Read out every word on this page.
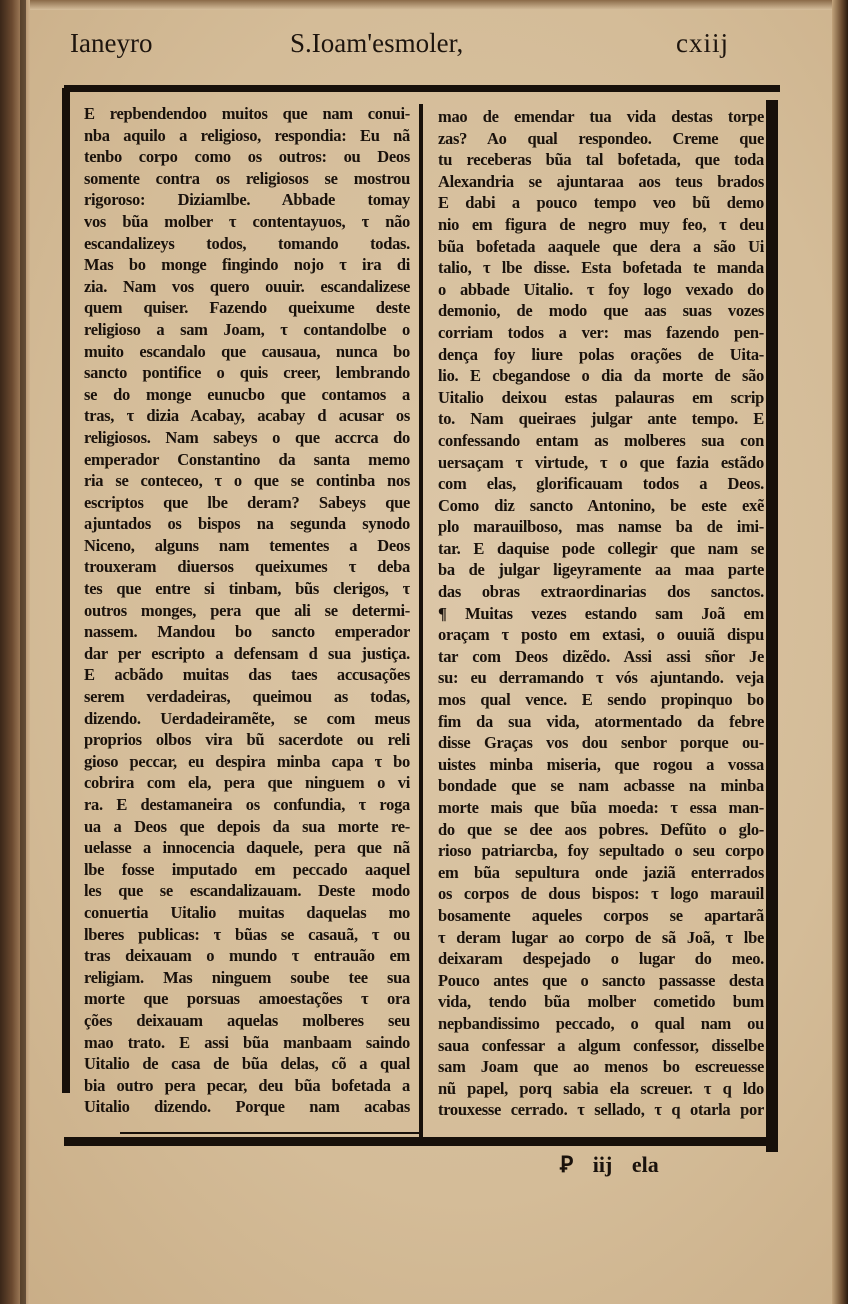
Ianeyro	S.Ioam'esmoler,	cxiij
E repbendendoo muitos que nam conui-
nba aquilo a religioso, respondia: Eu nã
tenbo corpo como os outros: ou Deos
somente contra os religiosos se mostrou
rigoroso: Diziamlbe. Abbade tomay
vos bũa molber τ contentayuos, τ não
escandalizeys todos, tomando todas.
Mas bo monge fingindo nojo τ ira di
zia. Nam vos quero ouuir. escandalizese
quem quiser. Fazendo queixume deste
religioso a sam Joam, τ contandolbe o
muito escandalo que causaua, nunca bo
sancto pontifice o quis creer, lembrando
se do monge eunucbo que contamos a
tras, τ dizia Acabay, acabay d acusar os
religiosos. Nam sabeys o que accrca do
emperador Constantino da santa memo
ria se conteceo, τ o que se continba nos
escriptos que lbe deram? Sabeys que
ajuntados os bispos na segunda synodo
Niceno, alguns nam tementes a Deos
trouxeram diuersos queixumes τ deba
tes que entre si tinbam, bũs clerigos, τ
outros monges, pera que ali se determi-
nassem. Mandou bo sancto emperador
dar per escripto a defensam d sua justiça.
E acbãdo muitas das taes accusações
serem verdadeiras, queimou as todas,
dizendo. Uerdadeiramẽte, se com meus
proprios olbos vira bũ sacerdote ou reli
gioso peccar, eu despira minba capa τ bo
cobrira com ela, pera que ninguem o vi
ra. E destamaneira os confundia, τ roga
ua a Deos que depois da sua morte re-
uelasse a innocencia daquele, pera que nã
lbe fosse imputado em peccado aaquel
les que se escandalizauam. Deste modo
conuertia Uitalio muitas daquelas mo
lberes publicas: τ bũas se casauã, τ ou
tras deixauam o mundo τ entrauão em
religiam. Mas ninguem soube tee sua
morte que porsuas amoestações τ ora
ções deixauam aquelas molberes seu
mao trato. E assi bũa manbaam saindo
Uitalio de casa de bũa delas, cõ a qual
bia outro pera pecar, deu bũa bofetada a
Uitalio dizendo. Porque nam acabas
mao de emendar tua vida destas torpe
zas? Ao qual respondeo. Creme que
tu receberas bũa tal bofetada, que toda
Alexandria se ajuntaraa aos teus brados
E dabi a pouco tempo veo bũ demo
nio em figura de negro muy feo, τ deu
bũa bofetada aaquele que dera a são Ui
talio, τ lbe disse. Esta bofetada te manda
o abbade Uitalio. τ foy logo vexado do
demonio, de modo que aas suas vozes
corriam todos a ver: mas fazendo pen-
dença foy liure polas orações de Uita-
lio. E cbegandose o dia da morte de são
Uitalio deixou estas palauras em scrip
to. Nam queiraes julgar ante tempo. E
confessando entam as molberes sua con
uersaçam τ virtude, τ o que fazia estãdo
com elas, glorificauam todos a Deos.
Como diz sancto Antonino, be este exẽ
plo marauilboso, mas namse ba de imi-
tar. E daquise pode collegir que nam se
ba de julgar ligeyramente aa maa parte
das obras extraordinarias dos sanctos.
¶ Muitas vezes estando sam Joã em
oraçam τ posto em extasi, o ouuiã dispu
tar com Deos dizẽdo. Assi assi sñor Je
su: eu derramando τ vós ajuntando. veja
mos qual vence. E sendo propinquo bo
fim da sua vida, atormentado da febre
disse Graças vos dou senbor porque ou-
uistes minba miseria, que rogou a vossa
bondade que se nam acbasse na minba
morte mais que bũa moeda: τ essa man-
do que se dee aos pobres. Defũto o glo-
rioso patriarcba, foy sepultado o seu corpo
em bũa sepultura onde jaziã enterrados
os corpos de dous bispos: τ logo marauil
bosamente aqueles corpos se apartarã
τ deram lugar ao corpo de sã Joã, τ lbe
deixaram despejado o lugar do meo.
Pouco antes que o sancto passasse desta
vida, tendo bũa molber cometido bum
nepbandissimo peccado, o qual nam ou
saua confessar a algum confessor, disselbe
sam Joam que ao menos bo escreuesse
nũ papel, porq sabia ela screuer. τ q ldo
trouxesse cerrado. τ sellado, τ q otarla por
Ꝑ iij ela
